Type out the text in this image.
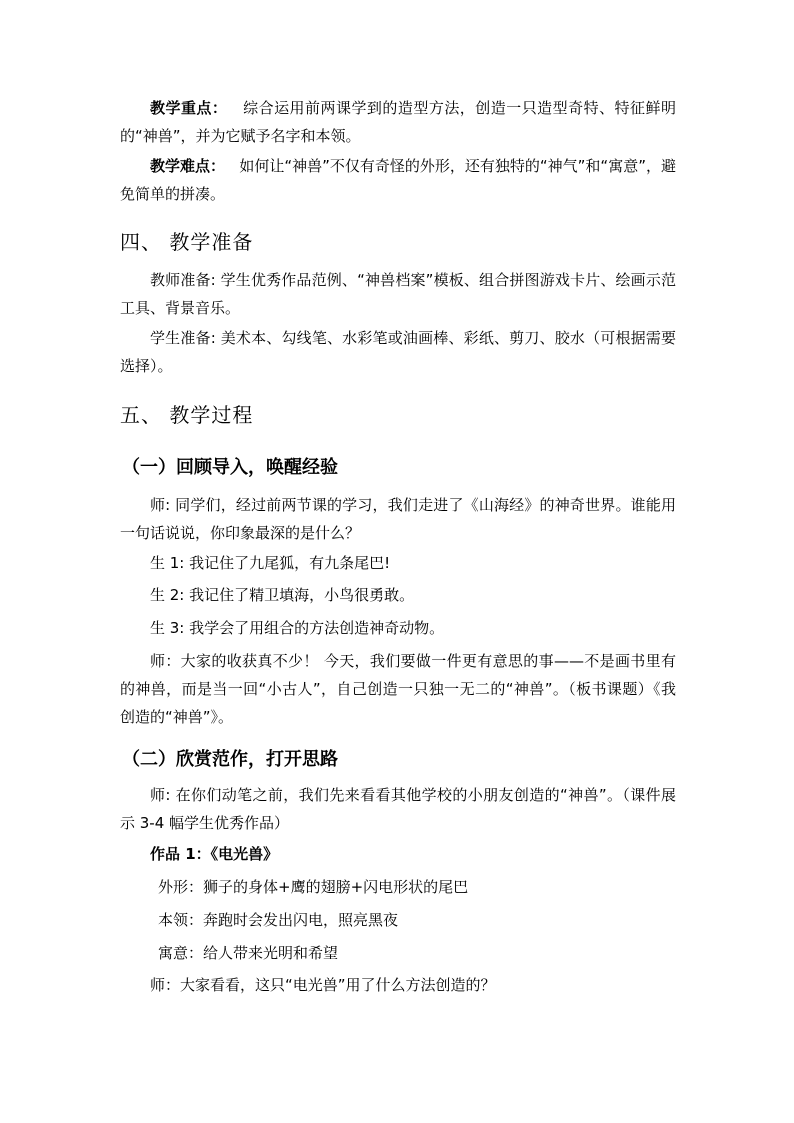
教学重点： 综合运用前两课学到的造型方法，创造一只造型奇特、特征鲜明的“神兽”，并为它赋予名字和本领。

教学难点： 如何让“神兽”不仅有奇怪的外形，还有独特的“神气”和“寓意”，避免简单的拼凑。

四、 教学准备

教师准备: 学生优秀作品范例、“神兽档案”模板、组合拼图游戏卡片、绘画示范工具、背景音乐。

学生准备: 美术本、勾线笔、水彩笔或油画棒、彩纸、剪刀、胶水（可根据需要选择）。

五、 教学过程
（一）回顾导入，唤醒经验

师: 同学们，经过前两节课的学习，我们走进了《山海经》的神奇世界。谁能用一句话说说，你印象最深的是什么？

生 1: 我记住了九尾狐，有九条尾巴!

生 2: 我记住了精卫填海，小鸟很勇敢。

生 3: 我学会了用组合的方法创造神奇动物。

师：大家的收获真不少！ 今天，我们要做一件更有意思的事——不是画书里有的神兽，而是当一回“小古人”，自己创造一只独一无二的“神兽”。（板书课题）《我创造的“神兽”》。

（二）欣赏范作，打开思路

师: 在你们动笔之前，我们先来看看其他学校的小朋友创造的“神兽”。（课件展示 3-4 幅学生优秀作品）

作品 1：《电光兽》

外形：狮子的身体+鹰的翅膀+闪电形状的尾巴

本领：奔跑时会发出闪电，照亮黑夜

寓意：给人带来光明和希望

师：大家看看，这只“电光兽”用了什么方法创造的？
